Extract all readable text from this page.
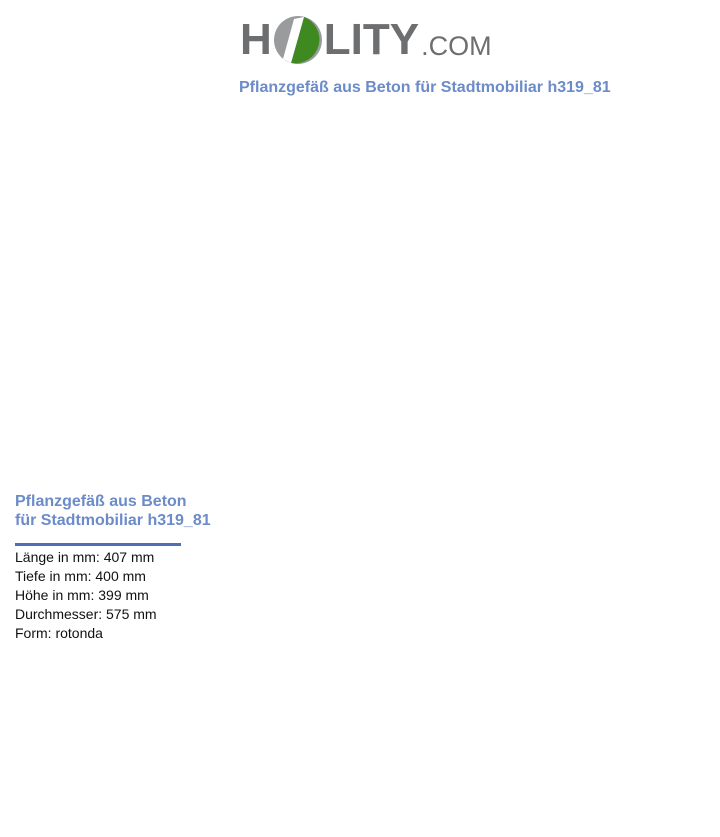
H LITY .COM
Pflanzgefäß aus Beton für Stadtmobiliar h319_81

Pflanzgefäß aus Beton
für Stadtmobiliar h319_81

Länge in mm: 407 mm
Tiefe in mm: 400 mm
Höhe in mm: 399 mm
Durchmesser: 575 mm
Form: rotonda
